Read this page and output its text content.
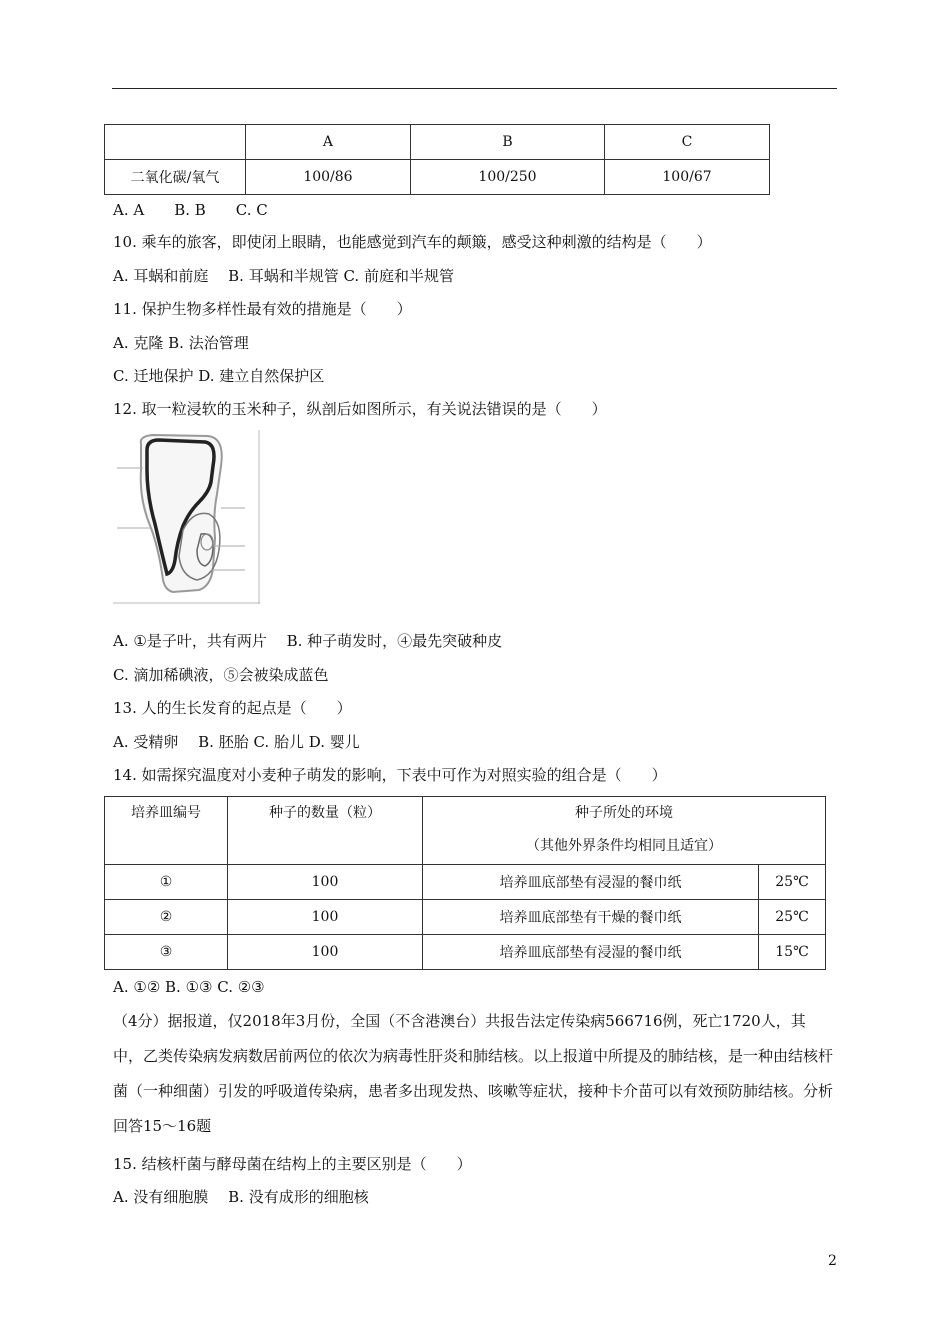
	A	B	C
二氧化碳/氧气	100/86	100/250	100/67
A. A　　B. B　　C. C
10. 乘车的旅客，即使闭上眼睛，也能感觉到汽车的颠簸，感受这种刺激的结构是（　　）
A. 耳蜗和前庭　 B. 耳蜗和半规管 C. 前庭和半规管
11. 保护生物多样性最有效的措施是（　　）
A. 克隆 B. 法治管理
C. 迁地保护 D. 建立自然保护区
12. 取一粒浸软的玉米种子，纵剖后如图所示，有关说法错误的是（　　）
A. ①是子叶，共有两片　 B. 种子萌发时，④最先突破种皮
C. 滴加稀碘液，⑤会被染成蓝色
13. 人的生长发育的起点是（　　）
A. 受精卵　 B. 胚胎 C. 胎儿 D. 婴儿
14. 如需探究温度对小麦种子萌发的影响，下表中可作为对照实验的组合是（　　）
培养皿编号	种子的数量（粒）	种子所处的环境
（其他外界条件均相同且适宜）	

①	100	培养皿底部垫有浸湿的餐巾纸	25℃
②	100	培养皿底部垫有干燥的餐巾纸	25℃
③	100	培养皿底部垫有浸湿的餐巾纸	15℃
A. ①② B. ①③ C. ②③
（4分）据报道，仅2018年3月份，全国（不含港澳台）共报告法定传染病566716例，死亡1720人，其中，乙类传染病发病数居前两位的依次为病毒性肝炎和肺结核。以上报道中所提及的肺结核，是一种由结核杆菌（一种细菌）引发的呼吸道传染病，患者多出现发热、咳嗽等症状，接种卡介苗可以有效预防肺结核。分析回答15～16题
15. 结核杆菌与酵母菌在结构上的主要区别是（　　）
A. 没有细胞膜　 B. 没有成形的细胞核
2
